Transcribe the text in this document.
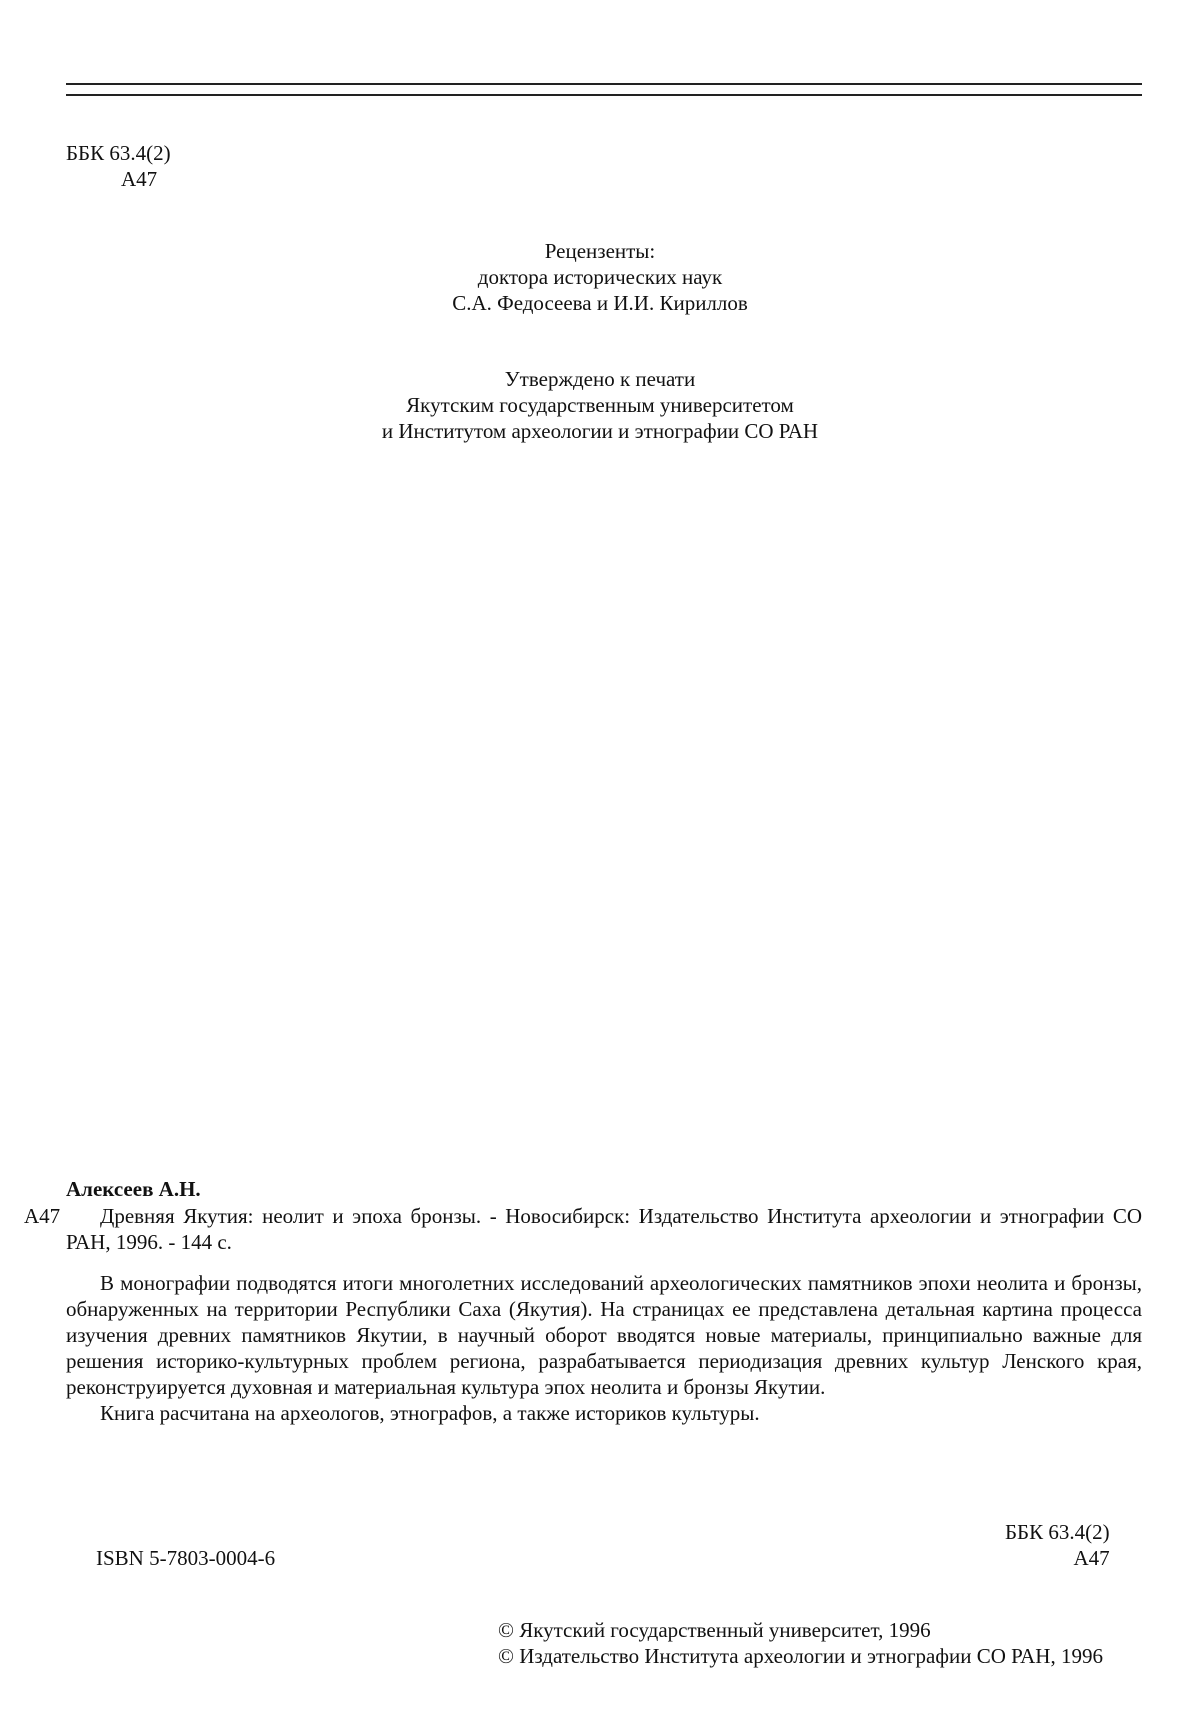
ББК 63.4(2)
А47
Рецензенты:
доктора исторических наук
С.А. Федосеева и И.И. Кириллов
Утверждено к печати
Якутским государственным университетом
и Институтом археологии и этнографии СО РАН
Алексеев А.Н.
А47	Древняя Якутия: неолит и эпоха бронзы. - Новосибирск: Издательство Института археологии и этнографии СО РАН, 1996. - 144 с.

В монографии подводятся итоги многолетних исследований археологических памятников эпохи неолита и бронзы, обнаруженных на территории Республики Саха (Якутия). На страницах ее представлена детальная картина процесса изучения древних памятников Якутии, в научный оборот вводятся новые материалы, принципиально важные для решения историко-культурных проблем региона, разрабатывается периодизация древних культур Ленского края, реконструируется духовная и материальная культура эпох неолита и бронзы Якутии.

Книга расчитана на археологов, этнографов, а также историков культуры.

ISBN 5-7803-0004-6
ББК 63.4(2)
А47
© Якутский государственный университет, 1996
© Издательство Института археологии и этнографии СО РАН, 1996
